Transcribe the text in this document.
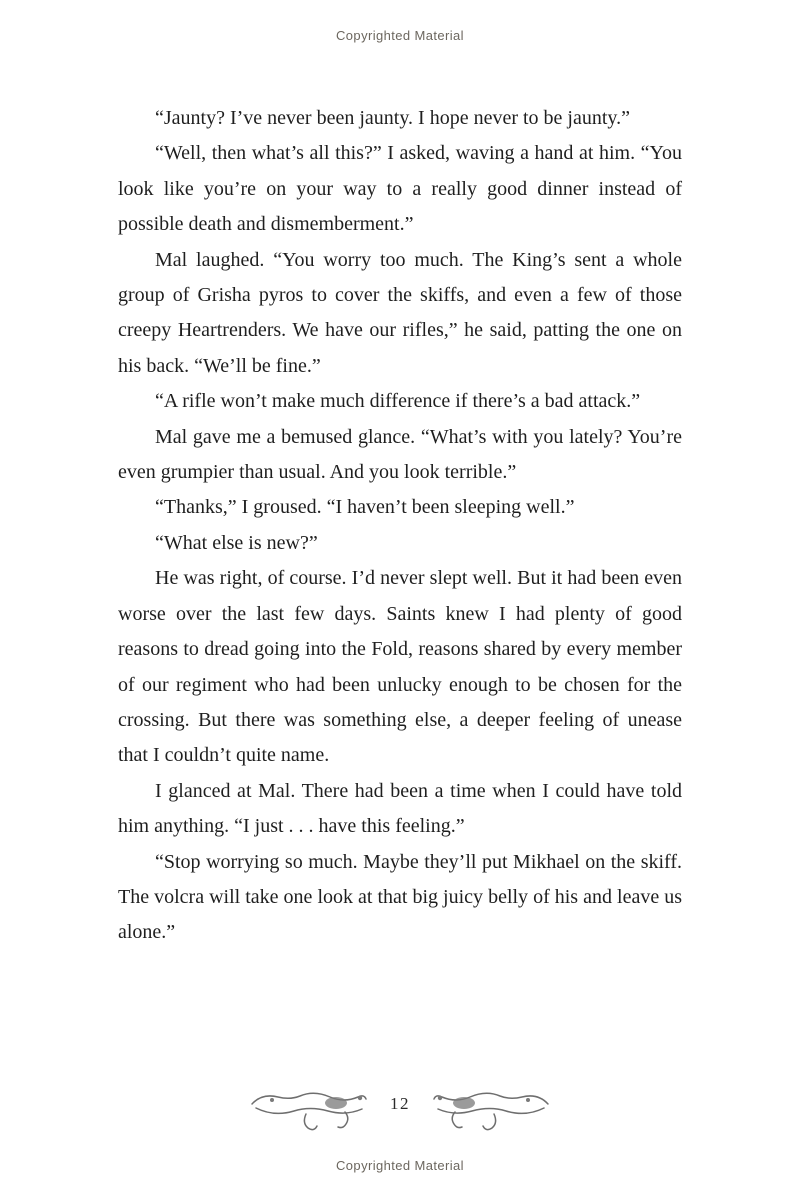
Copyrighted Material

“Jaunty? I’ve never been jaunty. I hope never to be jaunty.”

“Well, then what’s all this?” I asked, waving a hand at him. “You look like you’re on your way to a really good dinner instead of possible death and dismemberment.”

Mal laughed. “You worry too much. The King’s sent a whole group of Grisha pyros to cover the skiffs, and even a few of those creepy Heartrenders. We have our rifles,” he said, patting the one on his back. “We’ll be fine.”

“A rifle won’t make much difference if there’s a bad attack.”

Mal gave me a bemused glance. “What’s with you lately? You’re even grumpier than usual. And you look terrible.”

“Thanks,” I groused. “I haven’t been sleeping well.”

“What else is new?”

He was right, of course. I’d never slept well. But it had been even worse over the last few days. Saints knew I had plenty of good reasons to dread going into the Fold, reasons shared by every member of our regiment who had been unlucky enough to be chosen for the crossing. But there was something else, a deeper feeling of unease that I couldn’t quite name.

I glanced at Mal. There had been a time when I could have told him anything. “I just . . . have this feeling.”

“Stop worrying so much. Maybe they’ll put Mikhael on the skiff. The volcra will take one look at that big juicy belly of his and leave us alone.”

12
Copyrighted Material
